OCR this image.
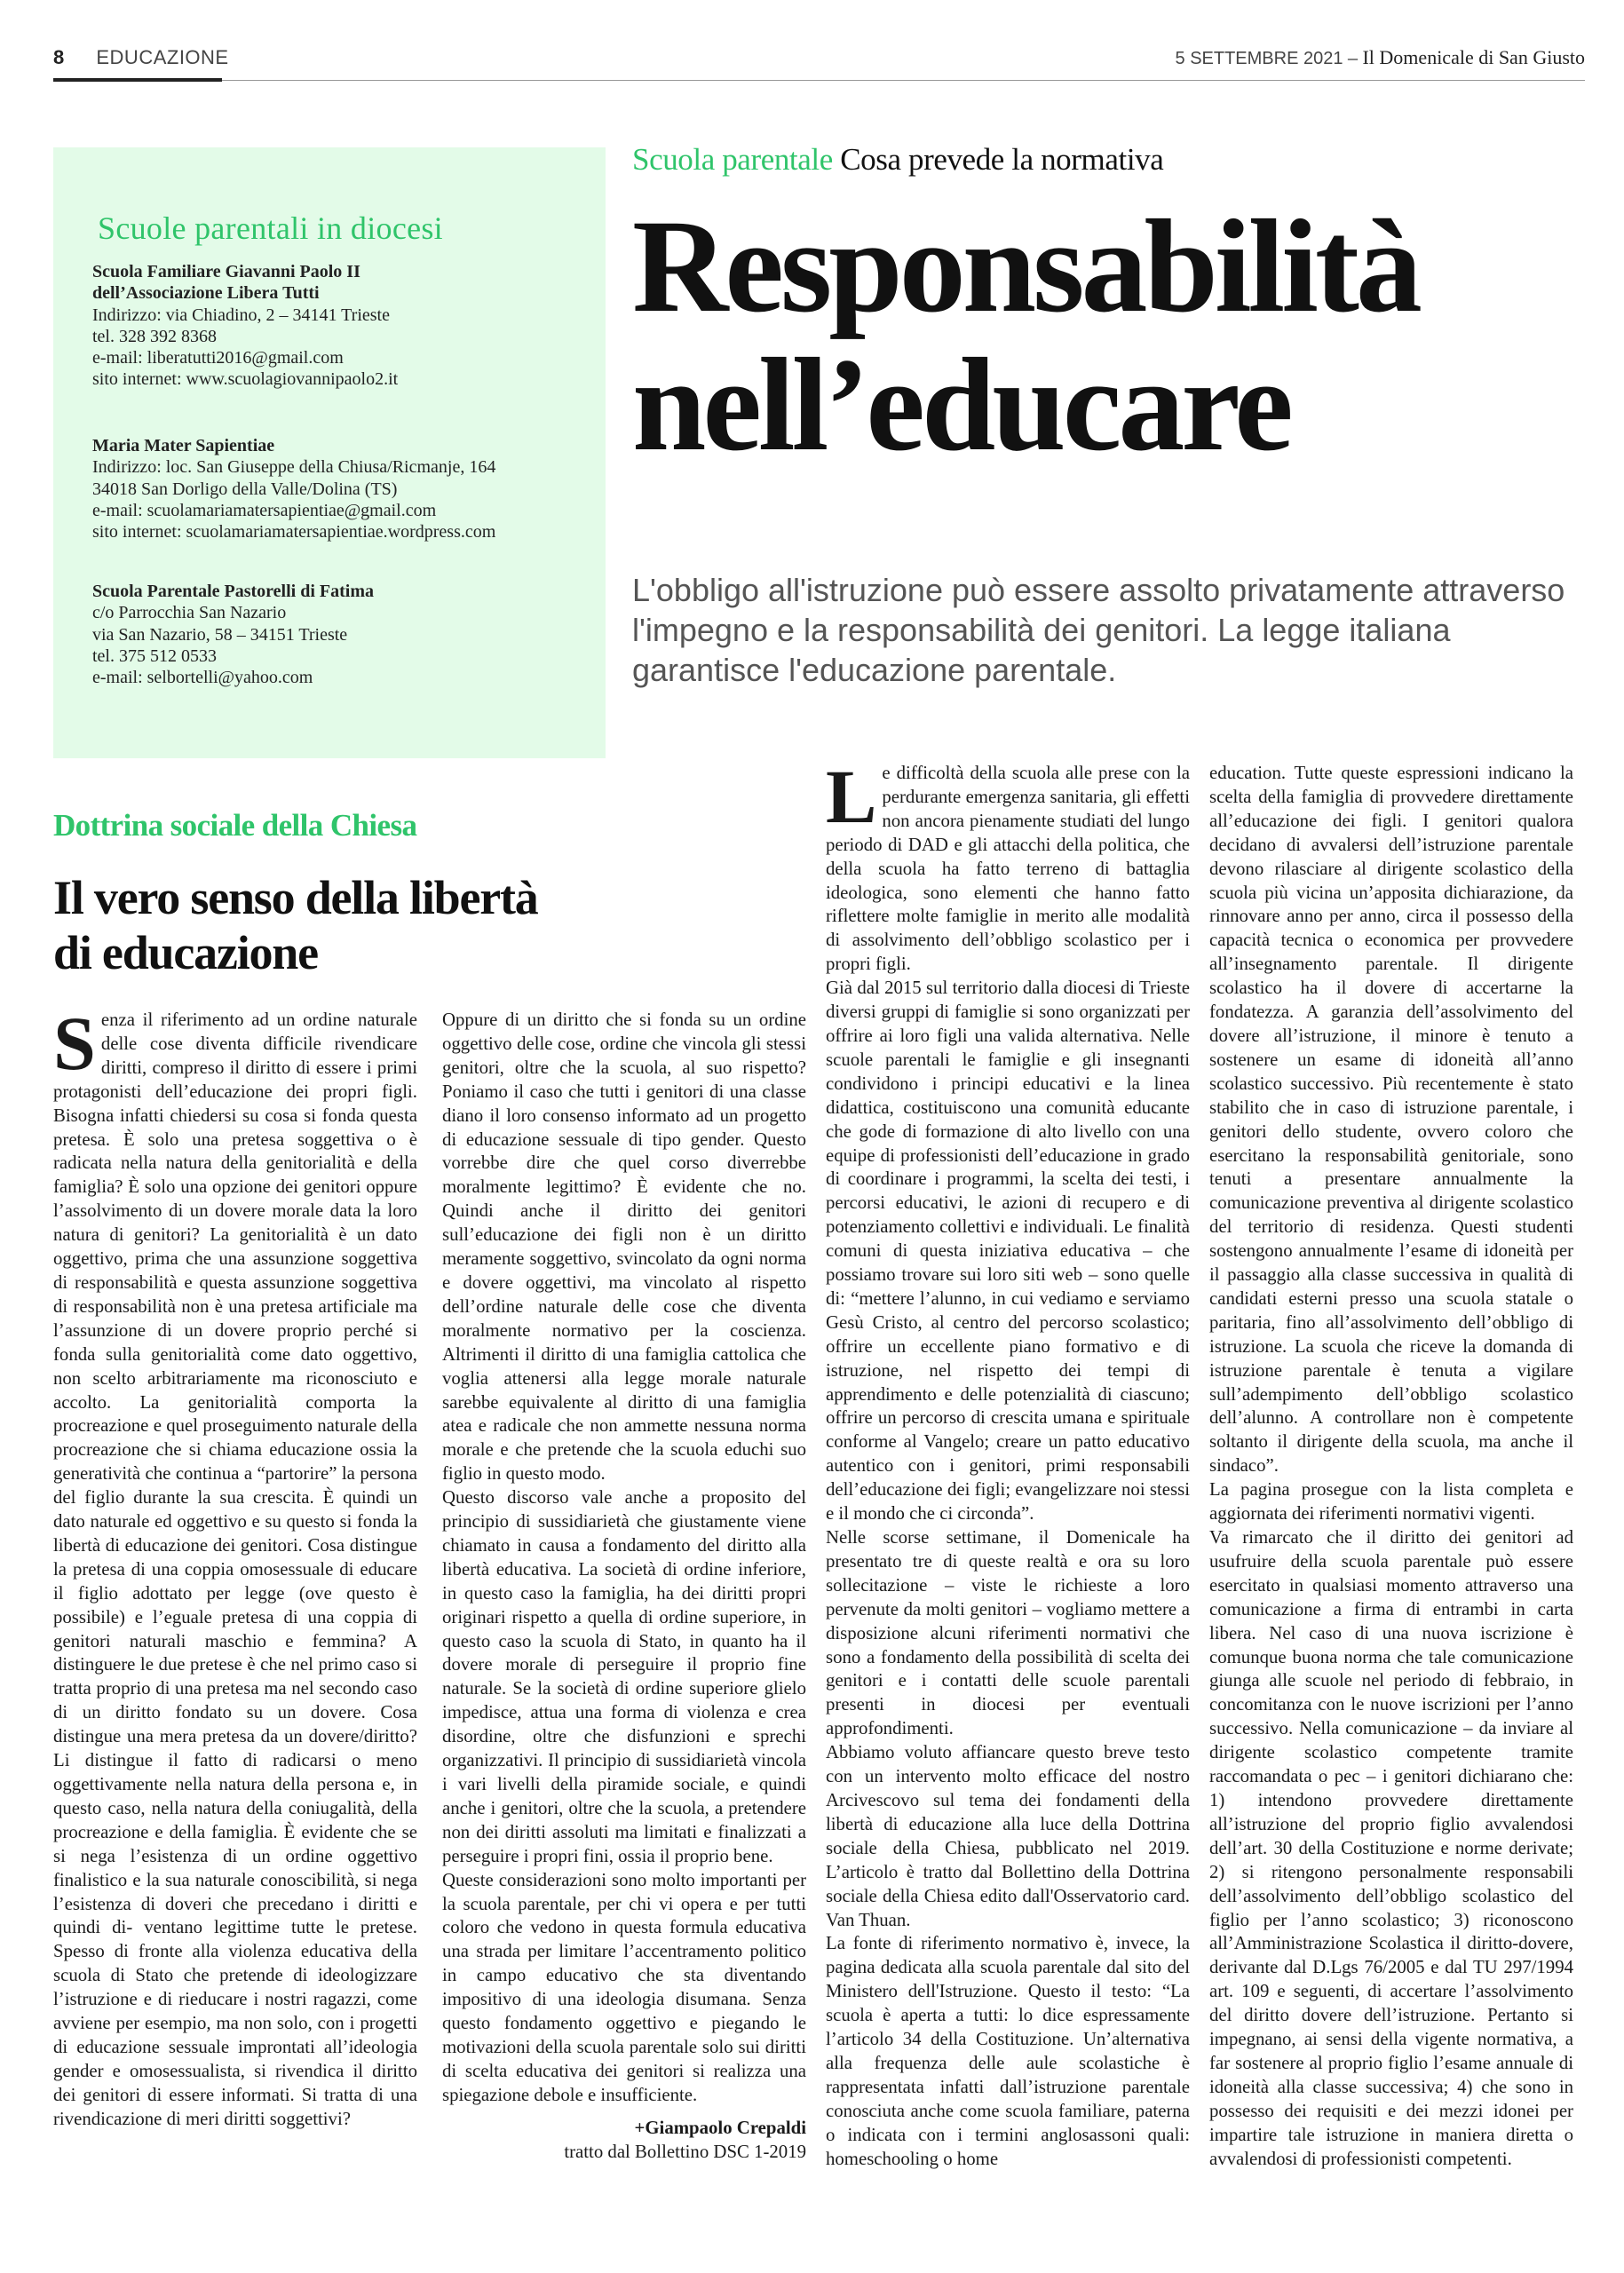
8 EDUCAZIONE	5 SETTEMBRE 2021 – Il Domenicale di San Giusto
Scuole parentali in diocesi
Scuola Familiare Giavanni Paolo II
dell’Associazione Libera Tutti
Indirizzo: via Chiadino, 2 – 34141 Trieste
tel. 328 392 8368
e-mail: liberatutti2016@gmail.com
sito internet: www.scuolagiovannipaolo2.it
Maria Mater Sapientiae
Indirizzo: loc. San Giuseppe della Chiusa/Ricmanje, 164
34018 San Dorligo della Valle/Dolina (TS)
e-mail: scuolamariamatersapientiae@gmail.com
sito internet: scuolamariamatersapientiae.wordpress.com
Scuola Parentale Pastorelli di Fatima
c/o Parrocchia San Nazario
via San Nazario, 58 – 34151 Trieste
tel. 375 512 0533
e-mail: selbortelli@yahoo.com
Scuola parentale Cosa prevede la normativa
Responsabilità
nell’educare
L'obbligo all'istruzione può essere assolto privatamente attraverso l'impegno e la responsabilità dei genitori. La legge italiana garantisce l'educazione parentale.
Dottrina sociale della Chiesa
Il vero senso della libertà
di educazione

Senza il riferimento ad un ordine naturale delle cose diventa difficile rivendicare diritti, compreso il diritto di essere i primi protagonisti dell’educazione dei propri figli. Bisogna infatti chiedersi su cosa si fonda questa pretesa. È solo una pretesa soggettiva o è radicata nella natura della genitorialità e della famiglia? È solo una opzione dei genitori oppure l’assolvimento di un dovere morale data la loro natura di genitori? La genitorialità è un dato oggettivo, prima che una assunzione soggettiva di responsabilità e questa assunzione soggettiva di responsabilità non è una pretesa artificiale ma l’assunzione di un dovere proprio perché si fonda sulla genitorialità come dato oggettivo, non scelto arbitrariamente ma riconosciuto e accolto. La genitorialità comporta la procreazione e quel proseguimento naturale della procreazione che si chiama educazione ossia la generatività che continua a “partorire” la persona del figlio durante la sua crescita. È quindi un dato naturale ed oggettivo e su questo si fonda la libertà di educazione dei genitori. Cosa distingue la pretesa di una coppia omosessuale di educare il figlio adottato per legge (ove questo è possibile) e l’eguale pretesa di una coppia di genitori naturali maschio e femmina? A distinguere le due pretese è che nel primo caso si tratta proprio di una pretesa ma nel secondo caso di un diritto fondato su un dovere. Cosa distingue una mera pretesa da un dovere/diritto? Li distingue il fatto di radicarsi o meno oggettivamente nella natura della persona e, in questo caso, nella natura della coniugalità, della procreazione e della famiglia. È evidente che se si nega l’esistenza di un ordine oggettivo finalistico e la sua naturale conoscibilità, si nega l’esistenza di doveri che precedano i diritti e quindi di- ventano legittime tutte le pretese. Spesso di fronte alla violenza educativa della scuola di Stato che pretende di ideologizzare l’istruzione e di rieducare i nostri ragazzi, come avviene per esempio, ma non solo, con i progetti di educazione sessuale improntati all’ideologia gender e omosessualista, si rivendica il diritto dei genitori di essere informati. Si tratta di una rivendicazione di meri diritti soggettivi?

Oppure di un diritto che si fonda su un ordine oggettivo delle cose, ordine che vincola gli stessi genitori, oltre che la scuola, al suo rispetto? Poniamo il caso che tutti i genitori di una classe diano il loro consenso informato ad un progetto di educazione sessuale di tipo gender. Questo vorrebbe dire che quel corso diverrebbe moralmente legittimo? È evidente che no. Quindi anche il diritto dei genitori sull’educazione dei figli non è un diritto meramente soggettivo, svincolato da ogni norma e dovere oggettivi, ma vincolato al rispetto dell’ordine naturale delle cose che diventa moralmente normativo per la coscienza. Altrimenti il diritto di una famiglia cattolica che voglia attenersi alla legge morale naturale sarebbe equivalente al diritto di una famiglia atea e radicale che non ammette nessuna norma morale e che pretende che la scuola educhi suo figlio in questo modo.

Questo discorso vale anche a proposito del principio di sussidiarietà che giustamente viene chiamato in causa a fondamento del diritto alla libertà educativa. La società di ordine inferiore, in questo caso la famiglia, ha dei diritti propri originari rispetto a quella di ordine superiore, in questo caso la scuola di Stato, in quanto ha il dovere morale di perseguire il proprio fine naturale. Se la società di ordine superiore glielo impedisce, attua una forma di violenza e crea disordine, oltre che disfunzioni e sprechi organizzativi. Il principio di sussidiarietà vincola i vari livelli della piramide sociale, e quindi anche i genitori, oltre che la scuola, a pretendere non dei diritti assoluti ma limitati e finalizzati a perseguire i propri fini, ossia il proprio bene.

Queste considerazioni sono molto importanti per la scuola parentale, per chi vi opera e per tutti coloro che vedono in questa formula educativa una strada per limitare l’accentramento politico in campo educativo che sta diventando impositivo di una ideologia disumana. Senza questo fondamento oggettivo e piegando le motivazioni della scuola parentale solo sui diritti di scelta educativa dei genitori si realizza una spiegazione debole e insufficiente.

+Giampaolo Crepaldi
tratto dal Bollettino DSC 1-2019

Le difficoltà della scuola alle prese con la perdurante emergenza sanitaria, gli effetti non ancora pienamente studiati del lungo periodo di DAD e gli attacchi della politica, che della scuola ha fatto terreno di battaglia ideologica, sono elementi che hanno fatto riflettere molte famiglie in merito alle modalità di assolvimento dell’obbligo scolastico per i propri figli.

Già dal 2015 sul territorio dalla diocesi di Trieste diversi gruppi di famiglie si sono organizzati per offrire ai loro figli una valida alternativa. Nelle scuole parentali le famiglie e gli insegnanti condividono i principi educativi e la linea didattica, costituiscono una comunità educante che gode di formazione di alto livello con una equipe di professionisti dell’educazione in grado di coordinare i programmi, la scelta dei testi, i percorsi educativi, le azioni di recupero e di potenziamento collettivi e individuali. Le finalità comuni di questa iniziativa educativa – che possiamo trovare sui loro siti web – sono quelle di: “mettere l’alunno, in cui vediamo e serviamo Gesù Cristo, al centro del percorso scolastico; offrire un eccellente piano formativo e di istruzione, nel rispetto dei tempi di apprendimento e delle potenzialità di ciascuno; offrire un percorso di crescita umana e spirituale conforme al Vangelo; creare un patto educativo autentico con i genitori, primi responsabili dell’educazione dei figli; evangelizzare noi stessi e il mondo che ci circonda”.

Nelle scorse settimane, il Domenicale ha presentato tre di queste realtà e ora su loro sollecitazione – viste le richieste a loro pervenute da molti genitori – vogliamo mettere a disposizione alcuni riferimenti normativi che sono a fondamento della possibilità di scelta dei genitori e i contatti delle scuole parentali presenti in diocesi per eventuali approfondimenti.

Abbiamo voluto affiancare questo breve testo con un intervento molto efficace del nostro Arcivescovo sul tema dei fondamenti della libertà di educazione alla luce della Dottrina sociale della Chiesa, pubblicato nel 2019. L’articolo è tratto dal Bollettino della Dottrina sociale della Chiesa edito dall'Osservatorio card. Van Thuan.

La fonte di riferimento normativo è, invece, la pagina dedicata alla scuola parentale dal sito del Ministero dell'Istruzione. Questo il testo: “La scuola è aperta a tutti: lo dice espressamente l’articolo 34 della Costituzione. Un’alternativa alla frequenza delle aule scolastiche è rappresentata infatti dall’istruzione parentale conosciuta anche come scuola familiare, paterna o indicata con i termini anglosassoni quali: homeschooling o home

education. Tutte queste espressioni indicano la scelta della famiglia di provvedere direttamente all’educazione dei figli. I genitori qualora decidano di avvalersi dell’istruzione parentale devono rilasciare al dirigente scolastico della scuola più vicina un’apposita dichiarazione, da rinnovare anno per anno, circa il possesso della capacità tecnica o economica per provvedere all’insegnamento parentale. Il dirigente scolastico ha il dovere di accertarne la fondatezza. A garanzia dell’assolvimento del dovere all’istruzione, il minore è tenuto a sostenere un esame di idoneità all’anno scolastico successivo. Più recentemente è stato stabilito che in caso di istruzione parentale, i genitori dello studente, ovvero coloro che esercitano la responsabilità genitoriale, sono tenuti a presentare annualmente la comunicazione preventiva al dirigente scolastico del territorio di residenza. Questi studenti sostengono annualmente l’esame di idoneità per il passaggio alla classe successiva in qualità di candidati esterni presso una scuola statale o paritaria, fino all’assolvimento dell’obbligo di istruzione. La scuola che riceve la domanda di istruzione parentale è tenuta a vigilare sull’adempimento dell’obbligo scolastico dell’alunno. A controllare non è competente soltanto il dirigente della scuola, ma anche il sindaco”.

La pagina prosegue con la lista completa e aggiornata dei riferimenti normativi vigenti.

Va rimarcato che il diritto dei genitori ad usufruire della scuola parentale può essere esercitato in qualsiasi momento attraverso una comunicazione a firma di entrambi in carta libera. Nel caso di una nuova iscrizione è comunque buona norma che tale comunicazione giunga alle scuole nel periodo di febbraio, in concomitanza con le nuove iscrizioni per l’anno successivo. Nella comunicazione – da inviare al dirigente scolastico competente tramite raccomandata o pec – i genitori dichiarano che: 1) intendono provvedere direttamente all’istruzione del proprio figlio avvalendosi dell’art. 30 della Costituzione e norme derivate; 2) si ritengono personalmente responsabili dell’assolvimento dell’obbligo scolastico del figlio per l’anno scolastico; 3) riconoscono all’Amministrazione Scolastica il diritto-dovere, derivante dal D.Lgs 76/2005 e dal TU 297/1994 art. 109 e seguenti, di accertare l’assolvimento del diritto dovere dell’istruzione. Pertanto si impegnano, ai sensi della vigente normativa, a far sostenere al proprio figlio l’esame annuale di idoneità alla classe successiva; 4) che sono in possesso dei requisiti e dei mezzi idonei per impartire tale istruzione in maniera diretta o avvalendosi di professionisti competenti.
